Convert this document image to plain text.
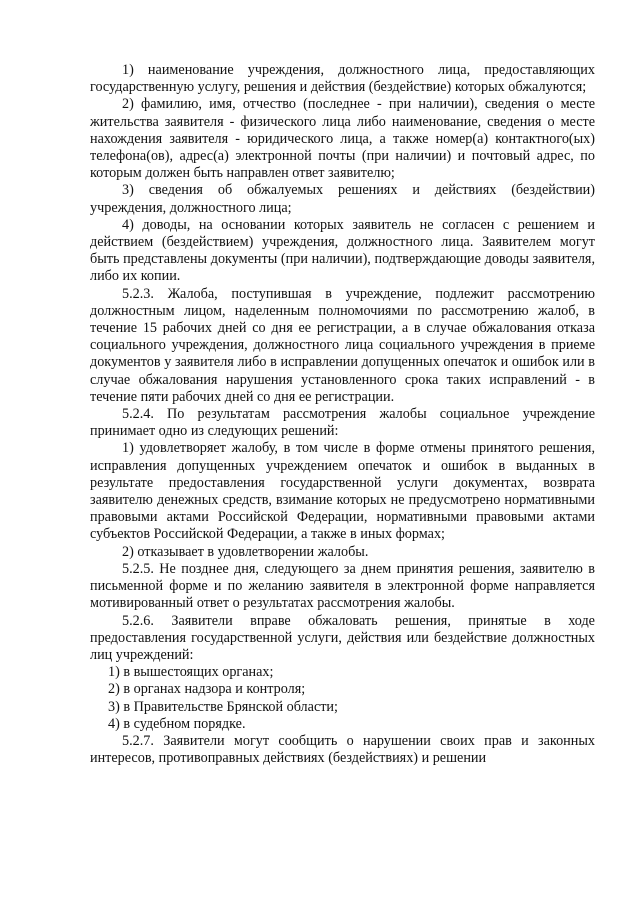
1) наименование учреждения, должностного лица, предоставляющих государственную услугу, решения и действия (бездействие) которых обжалуются;

2) фамилию, имя, отчество (последнее - при наличии), сведения о месте жительства заявителя - физического лица либо наименование, сведения о месте нахождения заявителя - юридического лица, а также номер(а) контактного(ых) телефона(ов), адрес(а) электронной почты (при наличии) и почтовый адрес, по которым должен быть направлен ответ заявителю;

3) сведения об обжалуемых решениях и действиях (бездействии) учреждения, должностного лица;

4) доводы, на основании которых заявитель не согласен с решением и действием (бездействием) учреждения, должностного лица. Заявителем могут быть представлены документы (при наличии), подтверждающие доводы заявителя, либо их копии.

5.2.3. Жалоба, поступившая в учреждение, подлежит рассмотрению должностным лицом, наделенным полномочиями по рассмотрению жалоб, в течение 15 рабочих дней со дня ее регистрации, а в случае обжалования отказа социального учреждения, должностного лица социального учреждения в приеме документов у заявителя либо в исправлении допущенных опечаток и ошибок или в случае обжалования нарушения установленного срока таких исправлений - в течение пяти рабочих дней со дня ее регистрации.

5.2.4. По результатам рассмотрения жалобы социальное учреждение принимает одно из следующих решений:

1) удовлетворяет жалобу, в том числе в форме отмены принятого решения, исправления допущенных учреждением опечаток и ошибок в выданных в результате предоставления государственной услуги документах, возврата заявителю денежных средств, взимание которых не предусмотрено нормативными правовыми актами Российской Федерации, нормативными правовыми актами субъектов Российской Федерации, а также в иных формах;

2) отказывает в удовлетворении жалобы.

5.2.5. Не позднее дня, следующего за днем принятия решения, заявителю в письменной форме и по желанию заявителя в электронной форме направляется мотивированный ответ о результатах рассмотрения жалобы.

5.2.6. Заявители вправе обжаловать решения, принятые в ходе предоставления государственной услуги, действия или бездействие должностных лиц учреждений:

1) в вышестоящих органах;

2) в органах надзора и контроля;

3) в Правительстве Брянской области;

4) в судебном порядке.

5.2.7. Заявители могут сообщить о нарушении своих прав и законных интересов, противоправных действиях (бездействиях) и решении
